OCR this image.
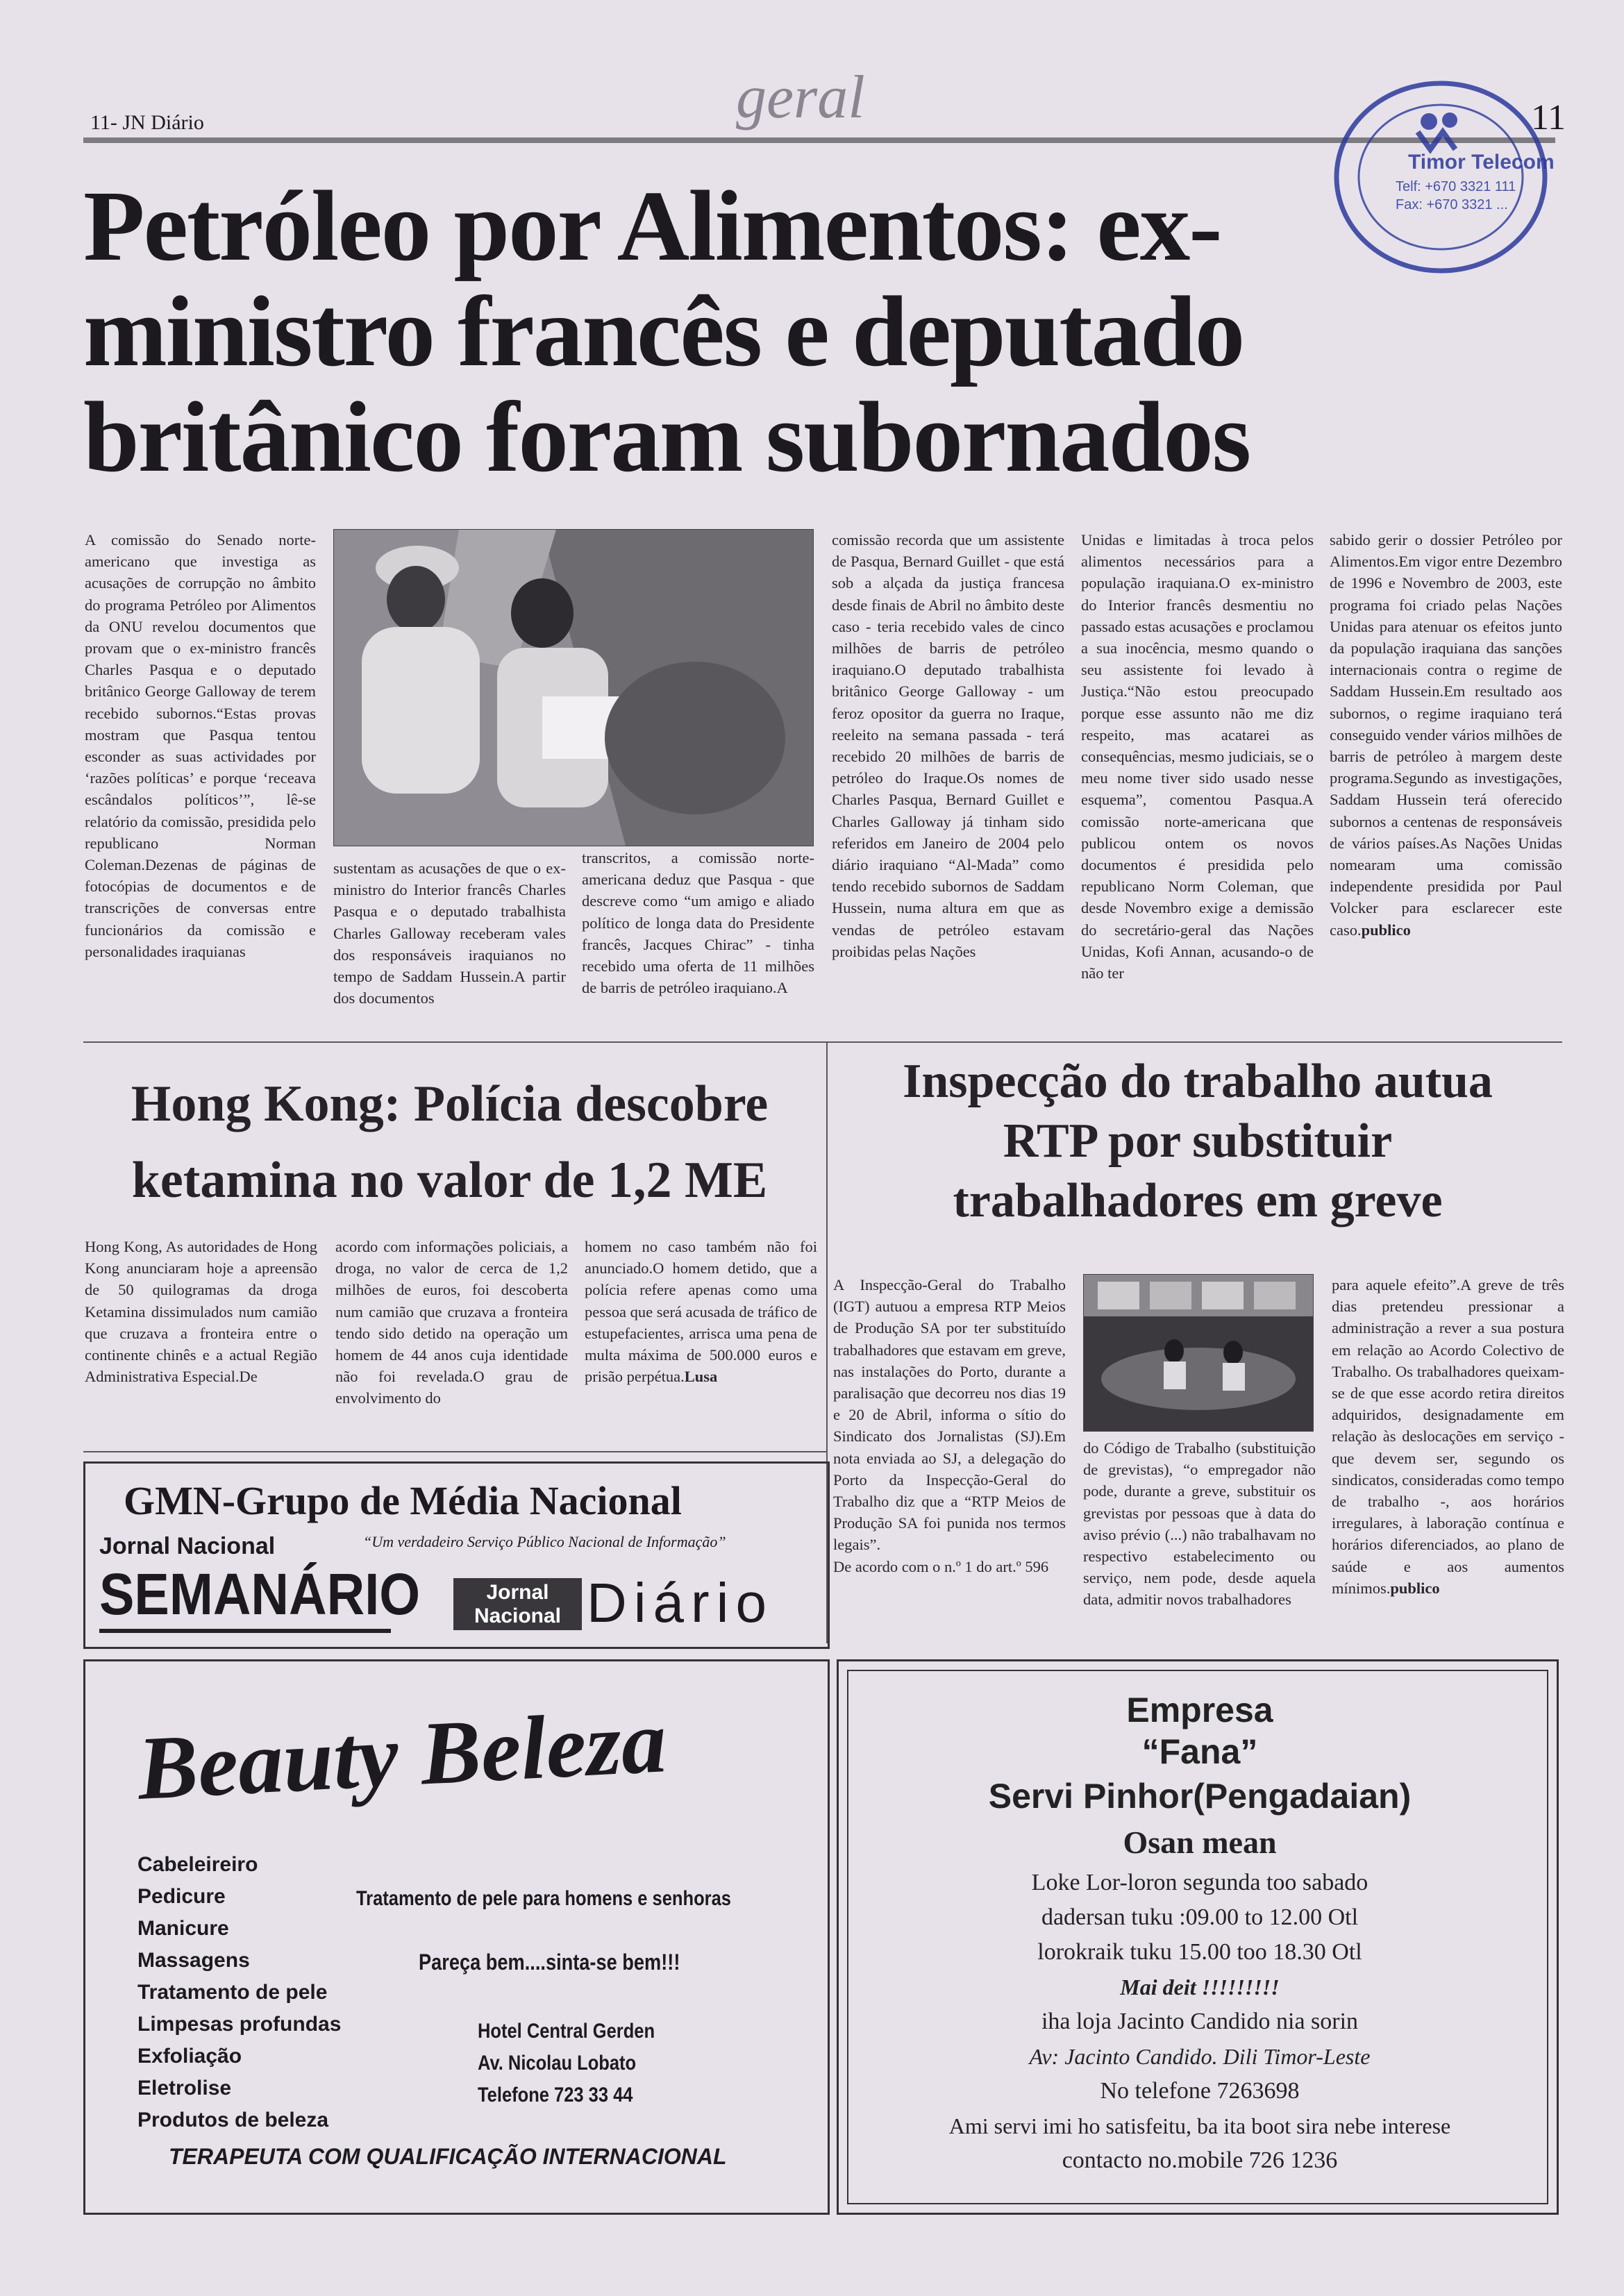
11- JN Diário	geral	11
Timor Telecom
Telf: +670 3321 111
Fax: +670 3321 ...
Petróleo por Alimentos: ex-ministro francês e deputado britânico foram subornados

A comissão do Senado norte-americano que investiga as acusações de corrupção no âmbito do programa Petróleo por Alimentos da ONU revelou documentos que provam que o ex-ministro francês Charles Pasqua e o deputado britânico George Galloway de terem recebido subornos.“Estas provas mostram que Pasqua tentou esconder as suas actividades por ‘razões políticas’ e porque ‘receava escândalos políticos’”, lê-se relatório da comissão, presidida pelo republicano Norman Coleman.Dezenas de páginas de fotocópias de documentos e de transcrições de conversas entre funcionários da comissão e personalidades iraquianas

sustentam as acusações de que o ex-ministro do Interior francês Charles Pasqua e o deputado trabalhista Charles Galloway receberam vales dos responsáveis iraquianos no tempo de Saddam Hussein.A partir dos documentos

transcritos, a comissão norte-americana deduz que Pasqua - que descreve como “um amigo e aliado político de longa data do Presidente francês, Jacques Chirac” - tinha recebido uma oferta de 11 milhões de barris de petróleo iraquiano.A

comissão recorda que um assistente de Pasqua, Bernard Guillet - que está sob a alçada da justiça francesa desde finais de Abril no âmbito deste caso - teria recebido vales de cinco milhões de barris de petróleo iraquiano.O deputado trabalhista britânico George Galloway - um feroz opositor da guerra no Iraque, reeleito na semana passada - terá recebido 20 milhões de barris de petróleo do Iraque.Os nomes de Charles Pasqua, Bernard Guillet e Charles Galloway já tinham sido referidos em Janeiro de 2004 pelo diário iraquiano “Al-Mada” como tendo recebido subornos de Saddam Hussein, numa altura em que as vendas de petróleo estavam proibidas pelas Nações

Unidas e limitadas à troca pelos alimentos necessários para a população iraquiana.O ex-ministro do Interior francês desmentiu no passado estas acusações e proclamou a sua inocência, mesmo quando o seu assistente foi levado à Justiça.“Não estou preocupado porque esse assunto não me diz respeito, mas acatarei as consequências, mesmo judiciais, se o meu nome tiver sido usado nesse esquema”, comentou Pasqua.A comissão norte-americana que publicou ontem os novos documentos é presidida pelo republicano Norm Coleman, que desde Novembro exige a demissão do secretário-geral das Nações Unidas, Kofi Annan, acusando-o de não ter

sabido gerir o dossier Petróleo por Alimentos.Em vigor entre Dezembro de 1996 e Novembro de 2003, este programa foi criado pelas Nações Unidas para atenuar os efeitos junto da população iraquiana das sanções internacionais contra o regime de Saddam Hussein.Em resultado aos subornos, o regime iraquiano terá conseguido vender vários milhões de barris de petróleo à margem deste programa.Segundo as investigações, Saddam Hussein terá oferecido subornos a centenas de responsáveis de vários países.As Nações Unidas nomearam uma comissão independente presidida por Paul Volcker para esclarecer este caso.publico

Hong Kong: Polícia descobre
ketamina no valor de 1,2 ME

Hong Kong, As autoridades de Hong Kong anunciaram hoje a apreensão de 50 quilogramas da droga Ketamina dissimulados num camião que cruzava a fronteira entre o continente chinês e a actual Região Administrativa Especial.De

acordo com informações policiais, a droga, no valor de cerca de 1,2 milhões de euros, foi descoberta num camião que cruzava a fronteira tendo sido detido na operação um homem de 44 anos cuja identidade não foi revelada.O grau de envolvimento do

homem no caso também não foi anunciado.O homem detido, que a polícia refere apenas como uma pessoa que será acusada de tráfico de estupefacientes, arrisca uma pena de multa máxima de 500.000 euros e prisão perpétua.Lusa

Inspecção do trabalho autua
RTP por substituir
trabalhadores em greve

A Inspecção-Geral do Trabalho (IGT) autuou a empresa RTP Meios de Produção SA por ter substituído trabalhadores que estavam em greve, nas instalações do Porto, durante a paralisação que decorreu nos dias 19 e 20 de Abril, informa o sítio do Sindicato dos Jornalistas (SJ).Em nota enviada ao SJ, a delegação do Porto da Inspecção-Geral do Trabalho diz que a “RTP Meios de Produção SA foi punida nos termos legais”.

De acordo com o n.º 1 do art.º 596

do Código de Trabalho (substituição de grevistas), “o empregador não pode, durante a greve, substituir os grevistas por pessoas que à data do aviso prévio (...) não trabalhavam no respectivo estabelecimento ou serviço, nem pode, desde aquela data, admitir novos trabalhadores

para aquele efeito”.A greve de três dias pretendeu pressionar a administração a rever a sua postura em relação ao Acordo Colectivo de Trabalho. Os trabalhadores queixam-se de que esse acordo retira direitos adquiridos, designadamente em relação às deslocações em serviço - que devem ser, segundo os sindicatos, consideradas como tempo de trabalho -, aos horários irregulares, à laboração contínua e horários diferenciados, ao plano de saúde e aos aumentos mínimos.publico

GMN-Grupo de Média Nacional
Jornal Nacional	“Um verdadeiro Serviço Público Nacional de Informação”
SEMANÁRIO	Jornal
Nacional Diário
Beauty Beleza
Cabeleireiro
Pedicure
Manicure
Massagens
Tratamento de pele
Limpesas profundas
Exfoliação
Eletrolise
Produtos de beleza
Tratamento de pele para homens e senhoras
Pareça bem....sinta-se bem!!!
Hotel Central Gerden
Av. Nicolau Lobato
Telefone 723 33 44
TERAPEUTA COM QUALIFICAÇÃO INTERNACIONAL
Empresa
“Fana”
Servi Pinhor(Pengadaian)
Osan mean
Loke Lor-loron segunda too sabado
dadersan tuku :09.00 to 12.00 Otl
lorokraik tuku 15.00 too 18.30 Otl
Mai deit !!!!!!!!!
iha loja Jacinto Candido nia sorin
Av: Jacinto Candido. Dili Timor-Leste
No telefone 7263698
Ami servi imi ho satisfeitu, ba ita boot sira nebe interese
contacto no.mobile 726 1236
